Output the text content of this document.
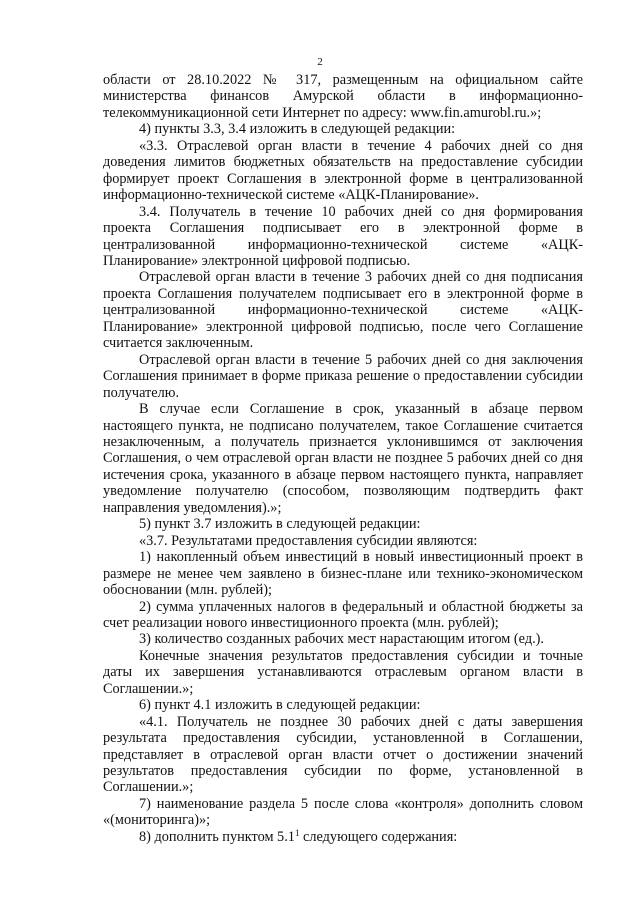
2

области от 28.10.2022 № 317, размещенным на официальном сайте министерства финансов Амурской области в информационно-телекоммуникационной сети Интернет по адресу: www.fin.amurobl.ru.»;

4) пункты 3.3, 3.4 изложить в следующей редакции:

«3.3. Отраслевой орган власти в течение 4 рабочих дней со дня доведения лимитов бюджетных обязательств на предоставление субсидии формирует проект Соглашения в электронной форме в централизованной информационно-технической системе «АЦК-Планирование».

3.4. Получатель в течение 10 рабочих дней со дня формирования проекта Соглашения подписывает его в электронной форме в централизованной информационно-технической системе «АЦК-Планирование» электронной цифровой подписью.

Отраслевой орган власти в течение 3 рабочих дней со дня подписания проекта Соглашения получателем подписывает его в электронной форме в централизованной информационно-технической системе «АЦК-Планирование» электронной цифровой подписью, после чего Соглашение считается заключенным.

Отраслевой орган власти в течение 5 рабочих дней со дня заключения Соглашения принимает в форме приказа решение о предоставлении субсидии получателю.

В случае если Соглашение в срок, указанный в абзаце первом настоящего пункта, не подписано получателем, такое Соглашение считается незаключенным, а получатель признается уклонившимся от заключения Соглашения, о чем отраслевой орган власти не позднее 5 рабочих дней со дня истечения срока, указанного в абзаце первом настоящего пункта, направляет уведомление получателю (способом, позволяющим подтвердить факт направления уведомления).»;

5) пункт 3.7 изложить в следующей редакции:

«3.7. Результатами предоставления субсидии являются:

1) накопленный объем инвестиций в новый инвестиционный проект в размере не менее чем заявлено в бизнес-плане или технико-экономическом обосновании (млн. рублей);

2) сумма уплаченных налогов в федеральный и областной бюджеты за счет реализации нового инвестиционного проекта (млн. рублей);

3) количество созданных рабочих мест нарастающим итогом (ед.).

Конечные значения результатов предоставления субсидии и точные даты их завершения устанавливаются отраслевым органом власти в Соглашении.»;

6) пункт 4.1 изложить в следующей редакции:

«4.1. Получатель не позднее 30 рабочих дней с даты завершения результата предоставления субсидии, установленной в Соглашении, представляет в отраслевой орган власти отчет о достижении значений результатов предоставления субсидии по форме, установленной в Соглашении.»;

7) наименование раздела 5 после слова «контроля» дополнить словом «(мониторинга)»;

8) дополнить пунктом $5.1^1$ следующего содержания:
